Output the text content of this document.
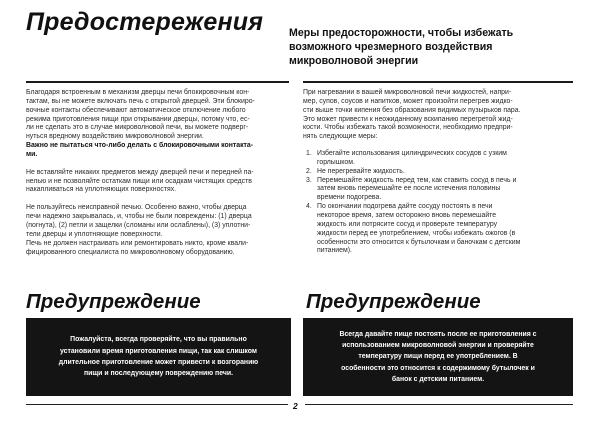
Предостережения Меры предосторожности, чтобы избежать
возможного чрезмерного воздействия
микроволновой энергии

Благодаря встроенным в механизм дверцы печи блокировочным кон-

тактам, вы не можете включать печь с открытой дверцей. Эти блокиро-

вочные контакты обеспечивают автоматическое отключение любого

режима приготовления пищи при открывании дверцы, потому что, ес-

ли не сделать это в случае микроволновой печи, вы можете подверг-

нуться вредному воздействию микроволновой энергии.

Важно не пытаться что-либо делать с блокировочными контакта-

ми.

Не вставляйте никаких предметов между дверцей печи и передней па-

нелью и не позволяйте остаткам пищи или осадкам чистящих средств

накапливаться на уплотняющих поверхностях.

Не пользуйтесь неисправной печью. Особенно важно, чтобы дверца

печи надежно закрывалась, и, чтобы не были повреждены: (1) дверца

(погнута), (2) петли и защелки (сломаны или ослаблены), (3) уплотни-

тели дверцы и уплотняющие поверхности.

Печь не должен настраивать или ремонтировать никто, кроме квали-

фицированного специалиста по микроволновому оборудованию.

При нагревании в вашей микроволновой печи жидкостей, напри-

мер, супов, соусов и напитков, может произойти перегрев жидко-

сти выше точки кипения без образования видимых пузырьков пара.

Это может привести к неожиданному вскипанию перегретой жид-

кости. Чтобы избежать такой возможности, необходимо предпри-

нять следующие меры:

1. Избегайте использования цилиндрических сосудов с узким
горлышком.
2. Не перегревайте жидкость.
3. Перемешайте жидкость перед тем, как ставить сосуд в печь и
затем вновь перемешайте ее после истечения половины
времени подогрева.
4. По окончании подогрева дайте сосуду постоять в печи
некоторое время, затем осторожно вновь перемешайте
жидкость или потрясите сосуд и проверьте температуру
жидкости перед ее употреблением, чтобы избежать ожогов (в
особенности это относится к бутылочкам и баночкам с детским
питанием).
Предупреждение	Предупреждение
Пожалуйста, всегда проверяйте, что вы правильно
установили время приготовления пищи, так как слишком
длительное приготовление может привести к возгоранию
пищи и последующему повреждению печи.
Всегда давайте пище постоять после ее приготовления с
использованием микроволновой энергии и проверяйте
температуру пищи перед ее употреблением. В
особенности это относится к содержимому бутылочек и
банок с детским питанием.
2
